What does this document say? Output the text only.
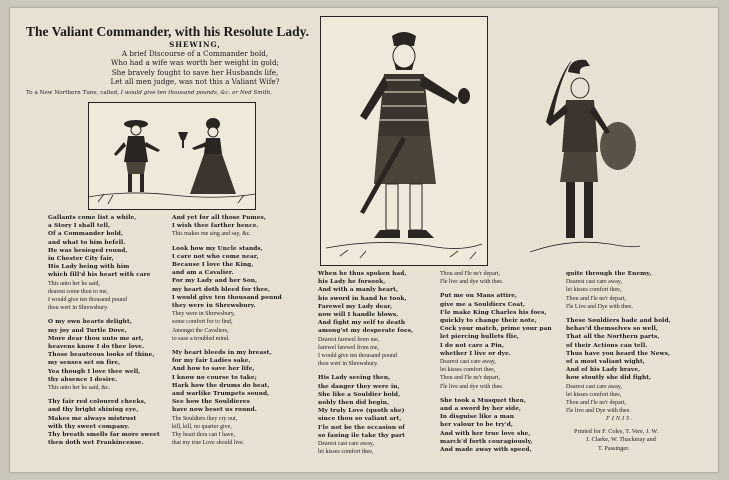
The Valiant Commander, with his Resolute Lady.
SHEWING,
A brief Discourse of a Commander bold,
Who had a wife was worth her weight in gold;
She bravely fought to save her Husbands life,
Let all men judge, was not this a Valiant Wife?
To a New Northern Tune, called, I would give ten thousand pounds, &c. or Ned Smith.
Gallants come list a while,
a Story I shall tell,
Of a Commander bold,
and what to him befell.
He was besieged round,
in Chester City fair,
His Lady being with him
which fill'd his heart with care
This unto her he said,
dearest come thou to me,
I would give ten thousand pound
thou wert in Shrewsbury.
O my own hearts delight,
my joy and Turtle Dove,
More dear thou unto me art,
heavens know I do thee love.
Those beauteous looks of thine,
my senses set on fire,
Yea though I love thee well,
thy absence I desire.
This unto her he said, &c.
Thy fair red coloured cheeks,
and thy bright shining eye,
Makes me always mistrust
with thy sweet company.
Thy breath smells far more sweet
then doth wet Frankincense.
And yet for all those Fumes,
I wish thee farther hence.
This makes me sing and say, &c.
Look how my Uncle stands,
I care not who come near,
Because I love the King,
and am a Cavalier.
For my Lady and her Son,
my heart doth bleed for thee,
I would give ten thousand pound
they were in Shrewsbury.
They were in Shrewsbury,
some comfort for to find,
Amongst the Cavaliers,
to ease a troubled mind.
My heart bleeds in my breast,
for my fair Ladies sake,
And how to save her life,
I know no course to take;
Hark how the drums do beat,
and warlike Trumpets sound,
See how the Souldieres
have now beset us round.
The Souldiers they cry out,
kill, kill, no quarter give,
Thy heart thou can I have,
that my true Love should live.
When he thus spoken had,
his Lady he forsook,
And with a manly heart,
his sword in hand he took,
Farewel my Lady dear,
now will I handle blows,
And fight my self to death
among'st my desperate foes,
Dearest farewel from me,
farewel farewel from me,
I would give ten thousand pound
thou wert in Shrewsbury.
His Lady seeing then,
the danger they were in,
She like a Souldier bold,
nobly then did begin,
My truly Love (quoth she)
since thou so valiant art,
I'le not be the occasion of
so fauing ile take thy part
Dearest cast care away,
let kisses comfort thee,
Thou and I'le ne'r depart,
I'le live and dye with thee.
Put me on Mans attire,
give me a Souldiers Coat,
I'le make King Charles his foes,
quickly to change their note,
Cock your match, prime your pan
let piercing bullets flie,
I do not care a Pin,
whether I live or dye.
Dearest cast care away,
let kisses comfort thee,
Thou and I'le ne'r depart,
I'le live and dye with thee.
She took a Musquet then,
and a sword by her side,
In disguise like a man
her valour to be try'd,
And with her true love she,
march'd forth couragiously,
And made away with speed,
quite through the Enemy,
Dearest cast care away,
let kisses comfort thee,
Thou and I'le ne'r depart,
I'le Live and Dye with thee.
These Souldiers bade and bold,
behav'd themselves so well,
That all the Northern parts,
of their Actions can tell.
Thus have you heard the News,
of a most valiant wight,
And of his Lady brave,
how stoutly she did fight,
Dearest cast care away,
let kisses comfort thee,
Thou and I'le ne'r depart,
I'le live and Dye with thee.
FINIS.
Printed for F. Coles, T. Vere, J. W.
J. Clarke, W. Thackeray and
T. Passinger.
